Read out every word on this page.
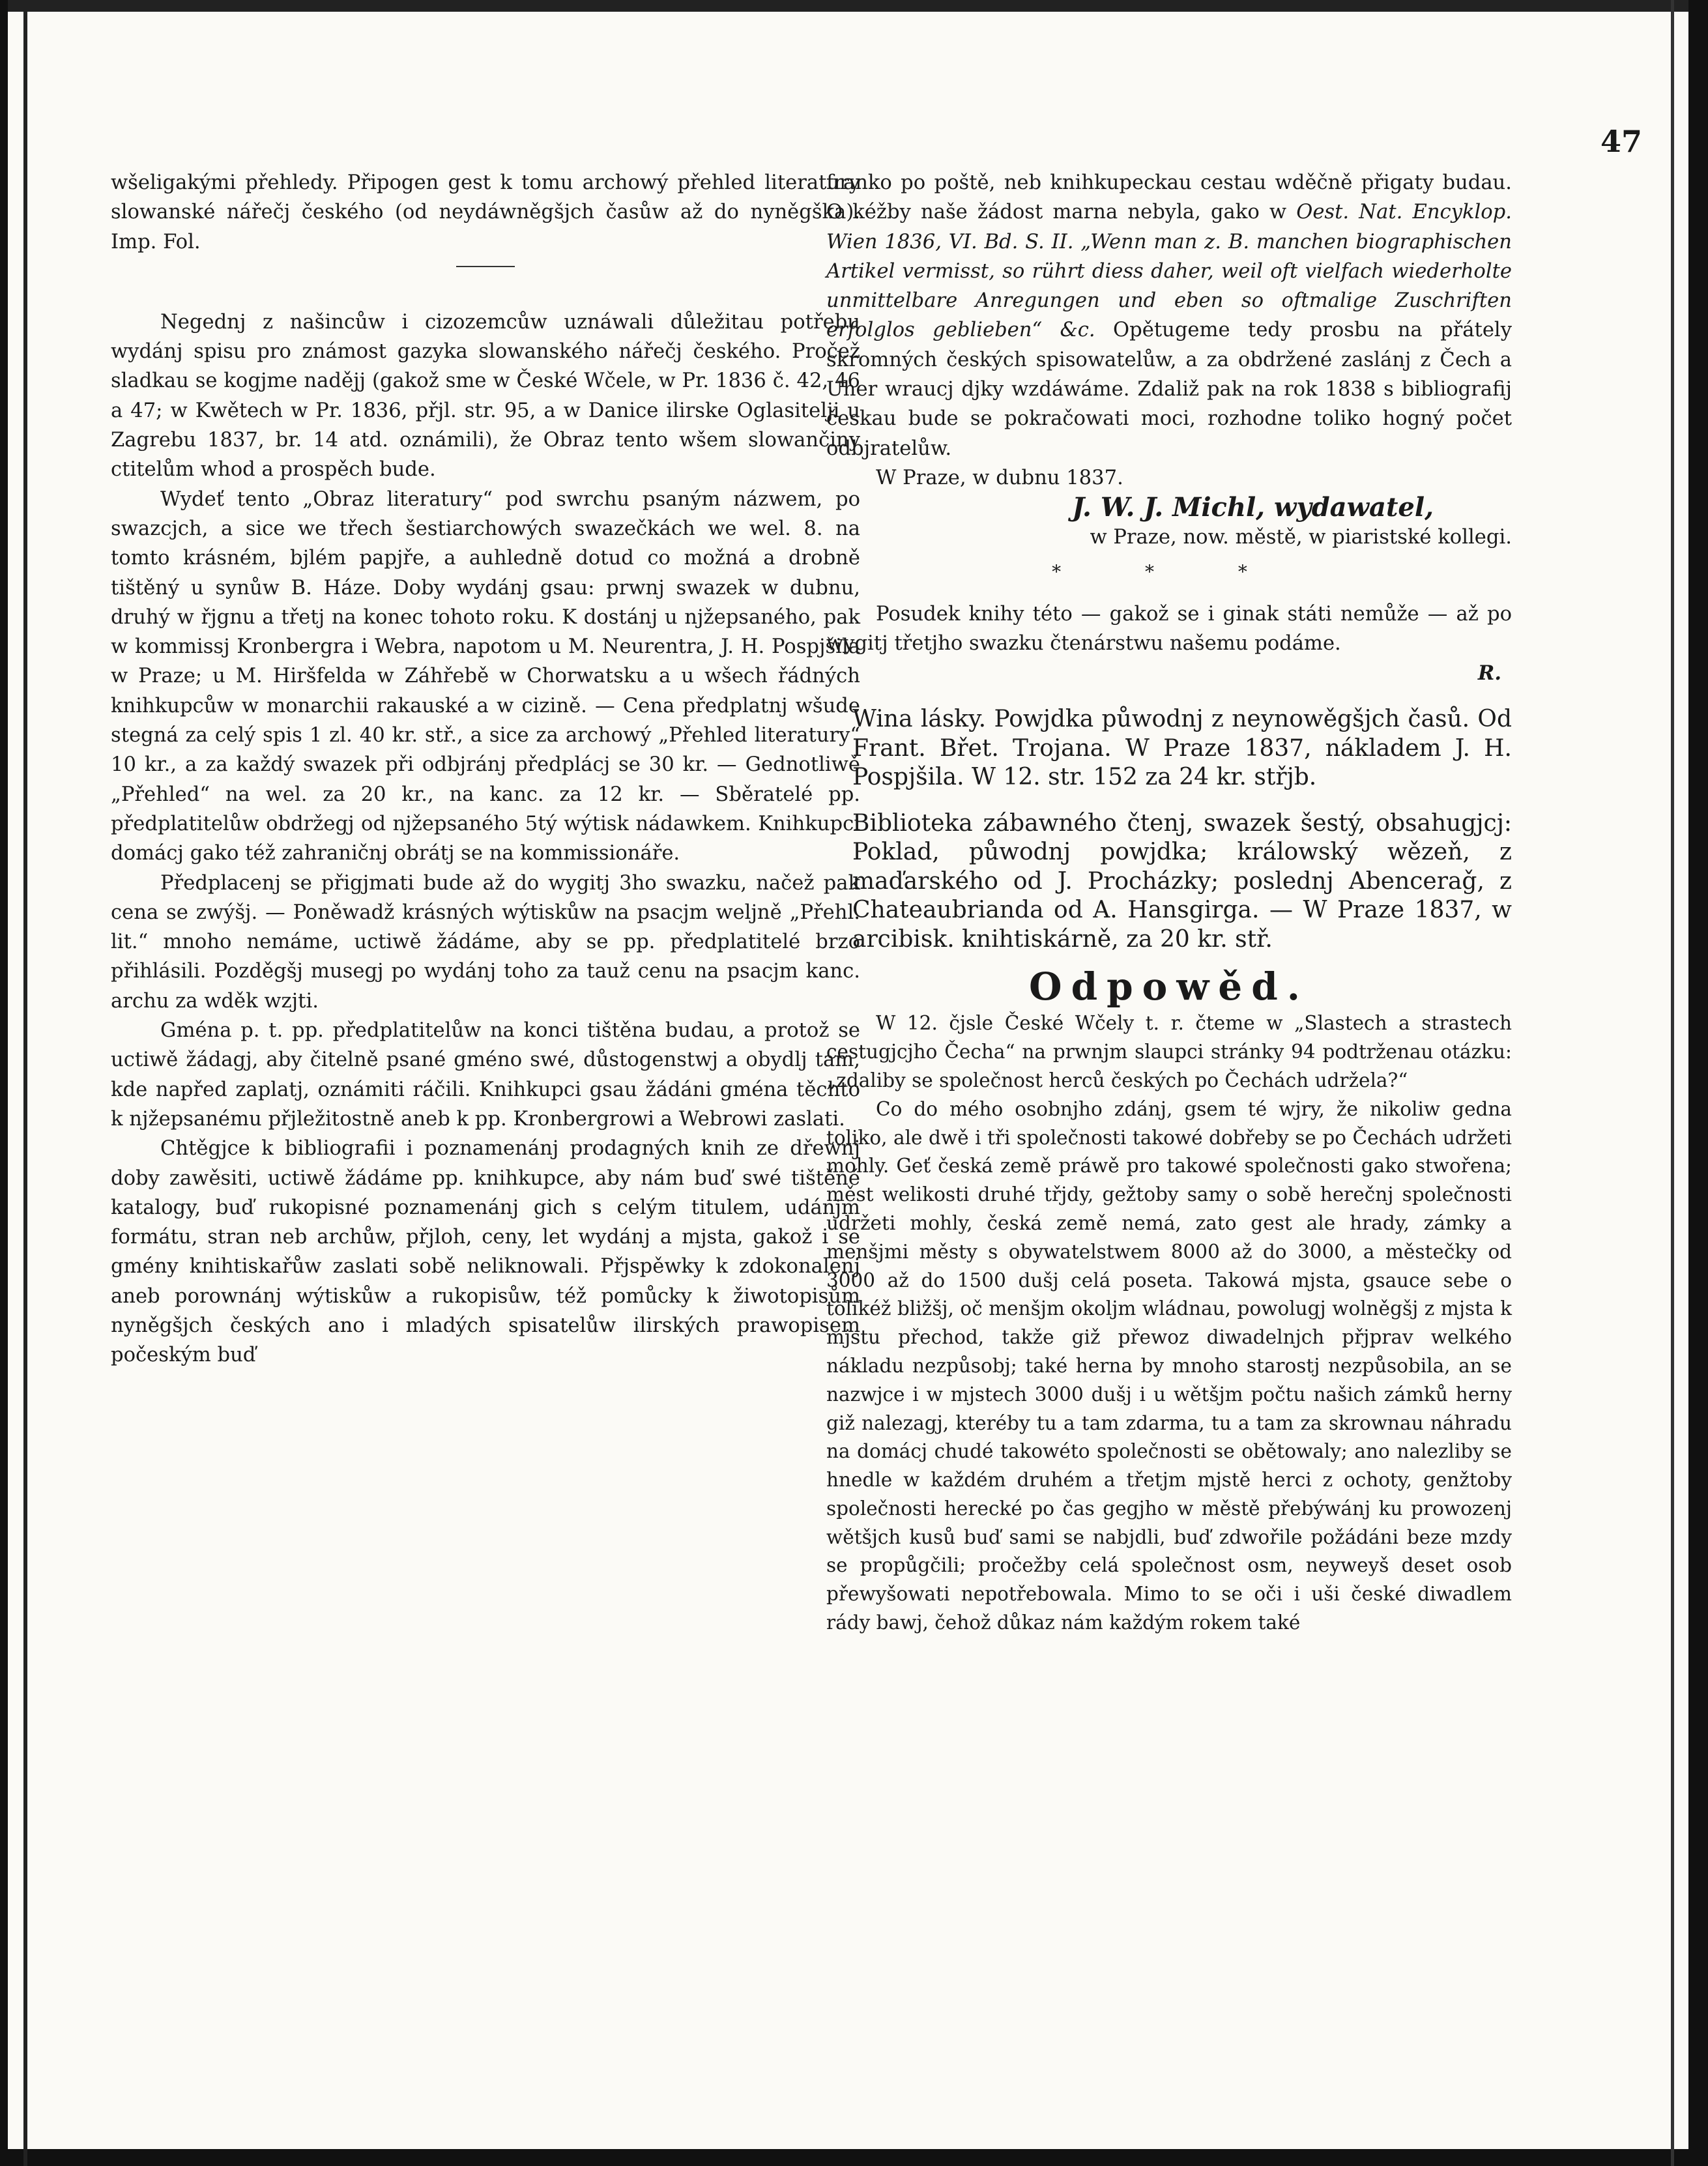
47

wšeligakými přehledy. Připogen gest k tomu archowý přehled literatury slowanské nářečj českého (od neydáwněgšjch časůw až do nyněgška). Imp. Fol.

Negednj z našincůw i cizozemcůw uznáwali důležitau potřebu wydánj spisu pro známost gazyka slowanského nářečj českého. Pročež sladkau se kogjme nadějj (gakož sme w České Wčele, w Pr. 1836 č. 42, 46 a 47; w Kwětech w Pr. 1836, přjl. str. 95, a w Danice ilirske Oglasitelji u Zagrebu 1837, br. 14 atd. oznámili), že Obraz tento wšem slowančiny ctitelům whod a prospěch bude.

Wydeť tento „Obraz literatury“ pod swrchu psaným názwem, po swazcjch, a sice we třech šestiarchowých swazečkách we wel. 8. na tomto krásném, bjlém papjře, a auhledně dotud co možná a drobně tištěný u synůw B. Háze. Doby wydánj gsau: prwnj swazek w dubnu, druhý w řjgnu a třetj na konec tohoto roku. K dostánj u njžepsaného, pak w kommissj Kronbergra i Webra, napotom u M. Neurentra, J. H. Pospjšila w Praze; u M. Hiršfelda w Záhřebě w Chorwatsku a u wšech řádných knihkupcůw w monarchii rakauské a w cizině. — Cena předplatnj wšude stegná za celý spis 1 zl. 40 kr. stř., a sice za archowý „Přehled literatury“ 10 kr., a za každý swazek při odbjránj předplácj se 30 kr. — Gednotliwě „Přehled“ na wel. za 20 kr., na kanc. za 12 kr. — Sběratelé pp. předplatitelůw obdržegj od njžepsaného 5tý wýtisk nádawkem. Knihkupci domácj gako též zahraničnj obrátj se na kommissionáře.

Předplacenj se přigjmati bude až do wygitj 3ho swazku, načež pak cena se zwýšj. — Poněwadž krásných wýtiskůw na psacjm weljně „Přehl. lit.“ mnoho nemáme, uctiwě žádáme, aby se pp. předplatitelé brzo přihlásili. Pozděgšj musegj po wydánj toho za tauž cenu na psacjm kanc. archu za wděk wzjti.

Gména p. t. pp. předplatitelůw na konci tištěna budau, a protož se uctiwě žádagj, aby čitelně psané gméno swé, důstogenstwj a obydlj tam, kde napřed zaplatj, oznámiti ráčili. Knihkupci gsau žádáni gména těchto k njžepsanému přjležitostně aneb k pp. Kronbergrowi a Webrowi zaslati.

Chtěgjce k bibliografii i poznamenánj prodagných knih ze dřewnj doby zawěsiti, uctiwě žádáme pp. knihkupce, aby nám buď swé tištěné katalogy, buď rukopisné poznamenánj gich s celým titulem, udánjm formátu, stran neb archůw, přjloh, ceny, let wydánj a mjsta, gakož i se gmény knihtiskařůw zaslati sobě neliknowali. Přjspěwky k zdokonalenj aneb porownánj wýtiskůw a rukopisůw, též pomůcky k žiwotopisům nyněgšjch českých ano i mladých spisatelůw ilirských prawopisem počeským buď

franko po poště, neb knihkupeckau cestau wděčně přigaty budau. O kéžby naše žádost marna nebyla, gako w Oest. Nat. Encyklop. Wien 1836, VI. Bd. S. II. „Wenn man z. B. manchen biographischen Artikel vermisst, so rührt diess daher, weil oft vielfach wiederholte unmittelbare Anregungen und eben so oftmalige Zuschriften erfolglos geblieben“ &c. Opětugeme tedy prosbu na přátely skromných českých spisowatelůw, a za obdržené zaslánj z Čech a Uher wraucj djky wzdáwáme. Zdaliž pak na rok 1838 s bibliografij českau bude se pokračowati moci, rozhodne toliko hogný počet odbjratelůw.

W Praze, w dubnu 1837.

J. W. J. Michl, wydawatel,
w Praze, now. městě, w piaristské kollegi.
* * *

Posudek knihy této — gakož se i ginak státi nemůže — až po wygitj třetjho swazku čtenárstwu našemu podáme.

R.

Wina lásky. Powjdka půwodnj z neynowěgšjch časů. Od Frant. Břet. Trojana. W Praze 1837, nákladem J. H. Pospjšila. W 12. str. 152 za 24 kr. střjb.

Biblioteka zábawného čtenj, swazek šestý, obsahugjcj: Poklad, půwodnj powjdka; králowský wězeň, z maďarského od J. Procházky; poslednj Abenceraǧ, z Chateaubrianda od A. Hansgirga. — W Praze 1837, w arcibisk. knihtiskárně, za 20 kr. stř.

Odpowěd.

W 12. čjsle České Wčely t. r. čteme w „Slastech a strastech cestugjcjho Čecha“ na prwnjm slaupci stránky 94 podtrženau otázku: „zdaliby se společnost herců českých po Čechách udržela?“

Co do mého osobnjho zdánj, gsem té wjry, že nikoliw gedna toliko, ale dwě i tři společnosti takowé dobřeby se po Čechách udržeti mohly. Geť česká země práwě pro takowé společnosti gako stwořena; měst welikosti druhé třjdy, gežtoby samy o sobě herečnj společnosti udržeti mohly, česká země nemá, zato gest ale hrady, zámky a menšjmi městy s obywatelstwem 8000 až do 3000, a městečky od 3000 až do 1500 dušj celá poseta. Takowá mjsta, gsauce sebe o tolikéž bližšj, oč menšjm okolјm wládnau, powolugj wolněgšj z mjsta k mjstu přechod, takže giž přewoz diwadelnjch přjprav welkého nákladu nezpůsobj; také herna by mnoho starostj nezpůsobila, an se nazwjce i w mjstech 3000 dušj i u wětšjm počtu našich zámků herny giž nalezagj, kteréby tu a tam zdarma, tu a tam za skrownau náhradu na domácj chudé takowéto společnosti se obětowaly; ano nalezliby se hnedle w každém druhém a třetjm mjstě herci z ochoty, genžtoby společnosti herecké po čas gegjho w městě přebýwánj ku prowozenj wětšjch kusů buď sami se nabjdli, buď zdwořile požádáni beze mzdy se propůgčili; pročežby celá společnost osm, neyweyš deset osob přewyšowati nepotřebowala. Mimo to se oči i uši české diwadlem rády bawj, čehož důkaz nám každým rokem také
